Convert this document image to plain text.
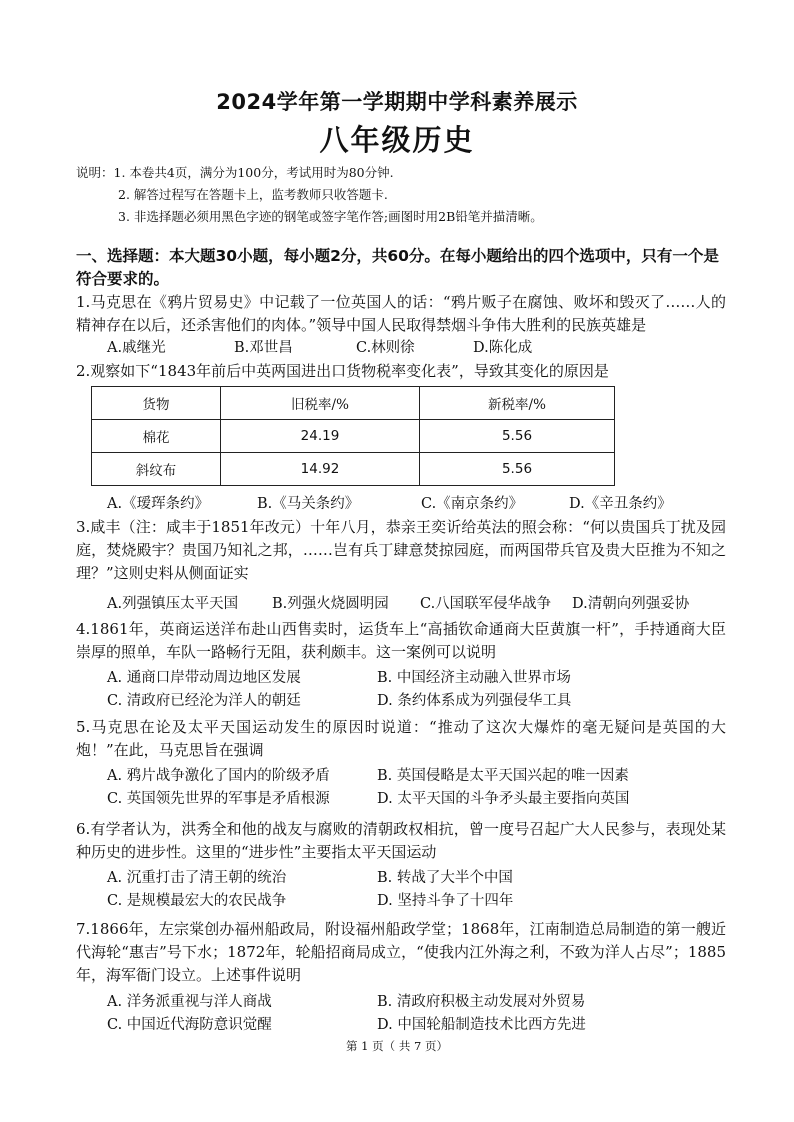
2024学年第一学期期中学科素养展示
八年级历史
说明：1. 本卷共4页，满分为100分，考试用时为80分钟.
2. 解答过程写在答题卡上，监考教师只收答题卡.
3. 非选择题必须用黑色字迹的钢笔或签字笔作答;画图时用2B铅笔并描清晰。
一、选择题：本大题30小题，每小题2分，共60分。在每小题给出的四个选项中，只有一个是符合要求的。
1.马克思在《鸦片贸易史》中记载了一位英国人的话：“鸦片贩子在腐蚀、败坏和毁灭了……人的精神存在以后，还杀害他们的肉体。”领导中国人民取得禁烟斗争伟大胜利的民族英雄是
A.戚继光	B.邓世昌	C.林则徐	D.陈化成
2.观察如下“1843年前后中英两国进出口货物税率变化表”，导致其变化的原因是
货物	旧税率/%	新税率/%
棉花	24.19	5.56
斜纹布	14.92	5.56
A.《瑷珲条约》	B.《马关条约》	C.《南京条约》	D.《辛丑条约》
3.咸丰（注：咸丰于1851年改元）十年八月，恭亲王奕䜣给英法的照会称：“何以贵国兵丁扰及园庭，焚烧殿宇？贵国乃知礼之邦，……岂有兵丁肆意焚掠园庭，而两国带兵官及贵大臣推为不知之理？”这则史料从侧面证实
A.列强镇压太平天国 B.列强火烧圆明园 C.八国联军侵华战争 D.清朝向列强妥协
4.1861年，英商运送洋布赴山西售卖时，运货车上“高插钦命通商大臣黄旗一杆”，手持通商大臣崇厚的照单，车队一路畅行无阻，获利颇丰。这一案例可以说明
A. 通商口岸带动周边地区发展	B. 中国经济主动融入世界市场
C. 清政府已经沦为洋人的朝廷	D. 条约体系成为列强侵华工具
5.马克思在论及太平天国运动发生的原因时说道：“推动了这次大爆炸的毫无疑问是英国的大炮！”在此，马克思旨在强调
A. 鸦片战争激化了国内的阶级矛盾	B. 英国侵略是太平天国兴起的唯一因素
C. 英国领先世界的军事是矛盾根源	D. 太平天国的斗争矛头最主要指向英国
6.有学者认为，洪秀全和他的战友与腐败的清朝政权相抗，曾一度号召起广大人民参与，表现处某种历史的进步性。这里的“进步性”主要指太平天国运动
A. 沉重打击了清王朝的统治	B. 转战了大半个中国
C. 是规模最宏大的农民战争	D. 坚持斗争了十四年
7.1866年，左宗棠创办福州船政局，附设福州船政学堂；1868年，江南制造总局制造的第一艘近代海轮“惠吉”号下水；1872年，轮船招商局成立，“使我内江外海之利，不致为洋人占尽”；1885年，海军衙门设立。上述事件说明
A. 洋务派重视与洋人商战	B. 清政府积极主动发展对外贸易
C. 中国近代海防意识觉醒	D. 中国轮船制造技术比西方先进
第 1 页（ 共 7 页）
